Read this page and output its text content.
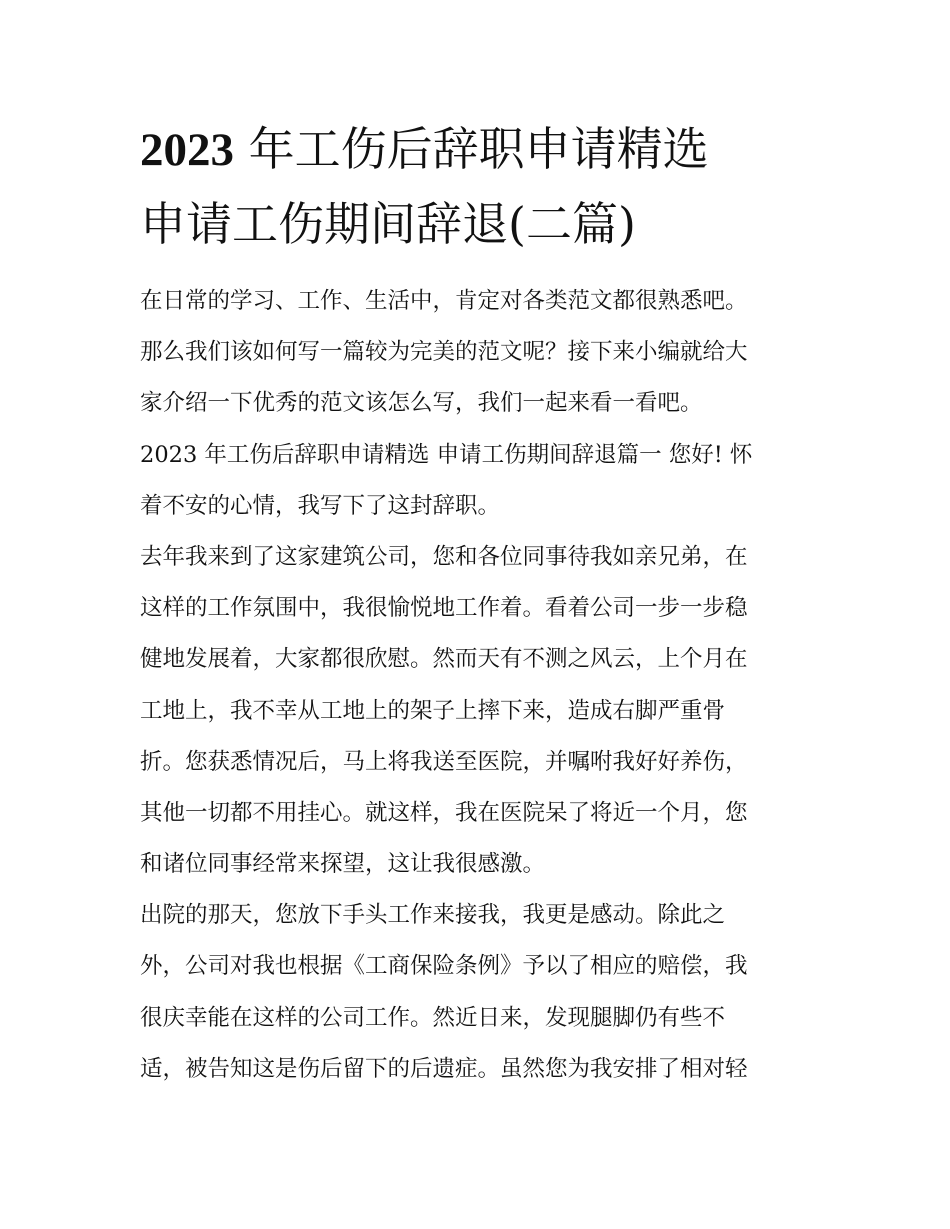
2023 年工伤后辞职申请精选
申请工伤期间辞退(二篇)

在日常的学习、工作、生活中，肯定对各类范文都很熟悉吧。
那么我们该如何写一篇较为完美的范文呢？接下来小编就给大
家介绍一下优秀的范文该怎么写，我们一起来看一看吧。

2023 年工伤后辞职申请精选 申请工伤期间辞退篇一 您好! 怀
着不安的心情，我写下了这封辞职。

去年我来到了这家建筑公司，您和各位同事待我如亲兄弟，在
这样的工作氛围中，我很愉悦地工作着。看着公司一步一步稳
健地发展着，大家都很欣慰。然而天有不测之风云，上个月在
工地上，我不幸从工地上的架子上摔下来，造成右脚严重骨
折。您获悉情况后，马上将我送至医院，并嘱咐我好好养伤，
其他一切都不用挂心。就这样，我在医院呆了将近一个月，您
和诸位同事经常来探望，这让我很感激。

出院的那天，您放下手头工作来接我，我更是感动。除此之
外，公司对我也根据《工商保险条例》予以了相应的赔偿，我
很庆幸能在这样的公司工作。然近日来，发现腿脚仍有些不
适，被告知这是伤后留下的后遗症。虽然您为我安排了相对轻
